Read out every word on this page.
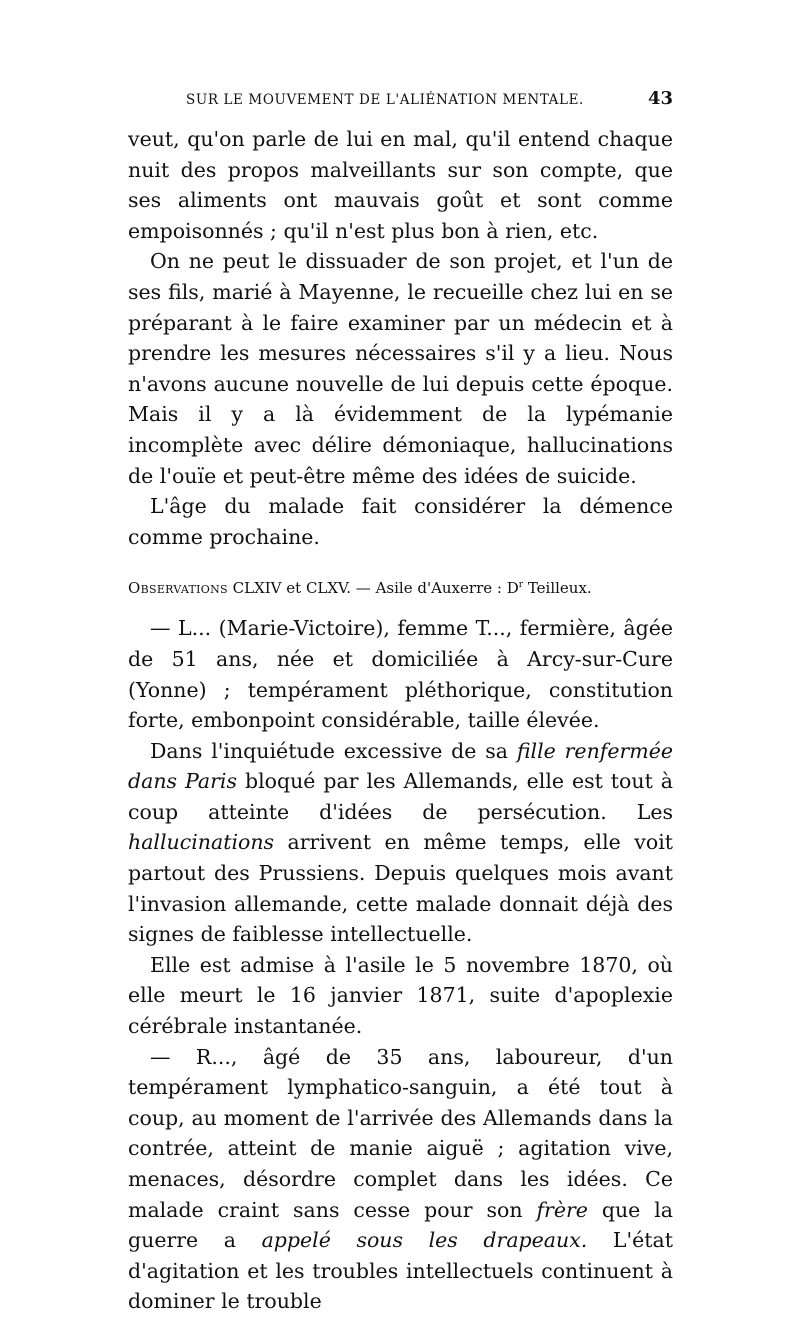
SUR LE MOUVEMENT DE L'ALIÉNATION MENTALE.	43

veut, qu'on parle de lui en mal, qu'il entend chaque nuit des propos malveillants sur son compte, que ses aliments ont mauvais goût et sont comme empoisonnés ; qu'il n'est plus bon à rien, etc.

On ne peut le dissuader de son projet, et l'un de ses fils, marié à Mayenne, le recueille chez lui en se préparant à le faire examiner par un médecin et à prendre les mesures nécessaires s'il y a lieu. Nous n'avons aucune nouvelle de lui depuis cette époque. Mais il y a là évidemment de la lypémanie incomplète avec délire démoniaque, hallucinations de l'ouïe et peut-être même des idées de suicide.

L'âge du malade fait considérer la démence comme prochaine.

Observations CLXIV et CLXV. — Asile d'Auxerre : $D^r$ Teilleux.

— L... (Marie-Victoire), femme T..., fermière, âgée de 51 ans, née et domiciliée à Arcy-sur-Cure (Yonne) ; tempérament pléthorique, constitution forte, embonpoint considérable, taille élevée.

Dans l'inquiétude excessive de sa fille renfermée dans Paris bloqué par les Allemands, elle est tout à coup atteinte d'idées de persécution. Les hallucinations arrivent en même temps, elle voit partout des Prussiens. Depuis quelques mois avant l'invasion allemande, cette malade donnait déjà des signes de faiblesse intellectuelle.

Elle est admise à l'asile le 5 novembre 1870, où elle meurt le 16 janvier 1871, suite d'apoplexie cérébrale instantanée.

— R..., âgé de 35 ans, laboureur, d'un tempérament lymphatico-sanguin, a été tout à coup, au moment de l'arrivée des Allemands dans la contrée, atteint de manie aiguë ; agitation vive, menaces, désordre complet dans les idées. Ce malade craint sans cesse pour son frère que la guerre a appelé sous les drapeaux. L'état d'agitation et les troubles intellectuels continuent à dominer le trouble
